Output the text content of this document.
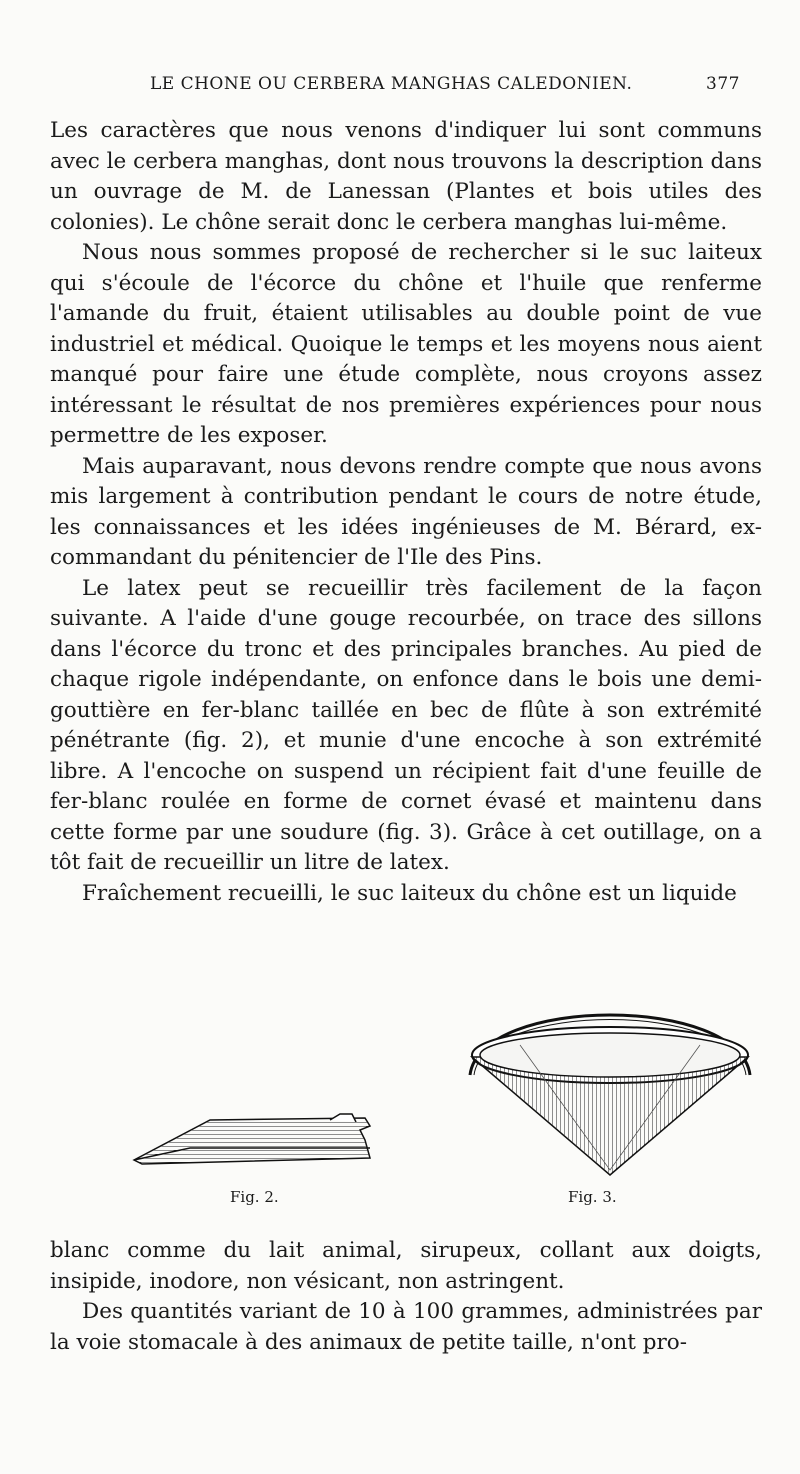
LE CHONE OU CERBERA MANGHAS CALEDONIEN.	377

Les caractères que nous venons d'indiquer lui sont communs avec le cerbera manghas, dont nous trouvons la description dans un ouvrage de M. de Lanessan (Plantes et bois utiles des colonies). Le chône serait donc le cerbera manghas lui-même.

Nous nous sommes proposé de rechercher si le suc laiteux qui s'écoule de l'écorce du chône et l'huile que renferme l'amande du fruit, étaient utilisables au double point de vue industriel et médical. Quoique le temps et les moyens nous aient manqué pour faire une étude complète, nous croyons assez intéressant le résultat de nos premières expériences pour nous permettre de les exposer.

Mais auparavant, nous devons rendre compte que nous avons mis largement à contribution pendant le cours de notre étude, les connaissances et les idées ingénieuses de M. Bérard, ex-commandant du pénitencier de l'Ile des Pins.

Le latex peut se recueillir très facilement de la façon suivante. A l'aide d'une gouge recourbée, on trace des sillons dans l'écorce du tronc et des principales branches. Au pied de chaque rigole indépendante, on enfonce dans le bois une demi-gouttière en fer-blanc taillée en bec de flûte à son extrémité pénétrante (fig. 2), et munie d'une encoche à son extrémité libre. A l'encoche on suspend un récipient fait d'une feuille de fer-blanc roulée en forme de cornet évasé et maintenu dans cette forme par une soudure (fig. 3). Grâce à cet outillage, on a tôt fait de recueillir un litre de latex.

Fraîchement recueilli, le suc laiteux du chône est un liquide

Fig. 2.	Fig. 3.

blanc comme du lait animal, sirupeux, collant aux doigts, insipide, inodore, non vésicant, non astringent.

Des quantités variant de 10 à 100 grammes, administrées par la voie stomacale à des animaux de petite taille, n'ont pro-
